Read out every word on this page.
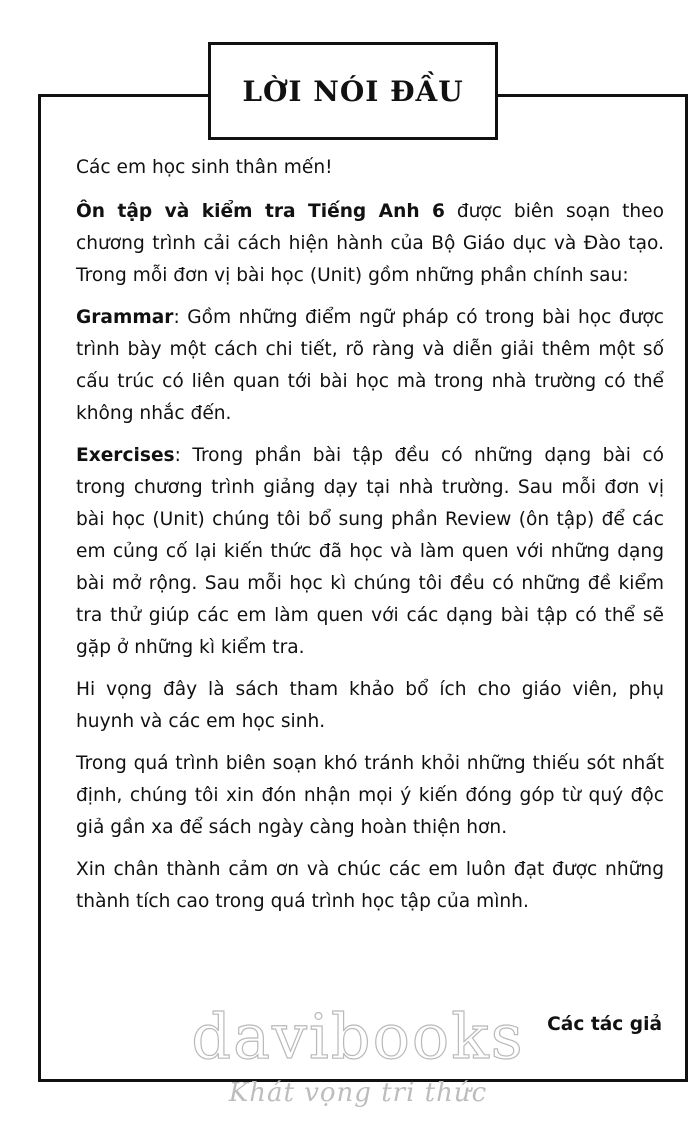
LỜI NÓI ĐẦU

Các em học sinh thân mến!

Ôn tập và kiểm tra Tiếng Anh 6 được biên soạn theo chương trình cải cách hiện hành của Bộ Giáo dục và Đào tạo. Trong mỗi đơn vị bài học (Unit) gồm những phần chính sau:

Grammar: Gồm những điểm ngữ pháp có trong bài học được trình bày một cách chi tiết, rõ ràng và diễn giải thêm một số cấu trúc có liên quan tới bài học mà trong nhà trường có thể không nhắc đến.

Exercises: Trong phần bài tập đều có những dạng bài có trong chương trình giảng dạy tại nhà trường. Sau mỗi đơn vị bài học (Unit) chúng tôi bổ sung phần Review (ôn tập) để các em củng cố lại kiến thức đã học và làm quen với những dạng bài mở rộng. Sau mỗi học kì chúng tôi đều có những đề kiểm tra thử giúp các em làm quen với các dạng bài tập có thể sẽ gặp ở những kì kiểm tra.

Hi vọng đây là sách tham khảo bổ ích cho giáo viên, phụ huynh và các em học sinh.

Trong quá trình biên soạn khó tránh khỏi những thiếu sót nhất định, chúng tôi xin đón nhận mọi ý kiến đóng góp từ quý độc giả gần xa để sách ngày càng hoàn thiện hơn.

Xin chân thành cảm ơn và chúc các em luôn đạt được những thành tích cao trong quá trình học tập của mình.

Các tác giả
davibooks
Khát vọng tri thức
